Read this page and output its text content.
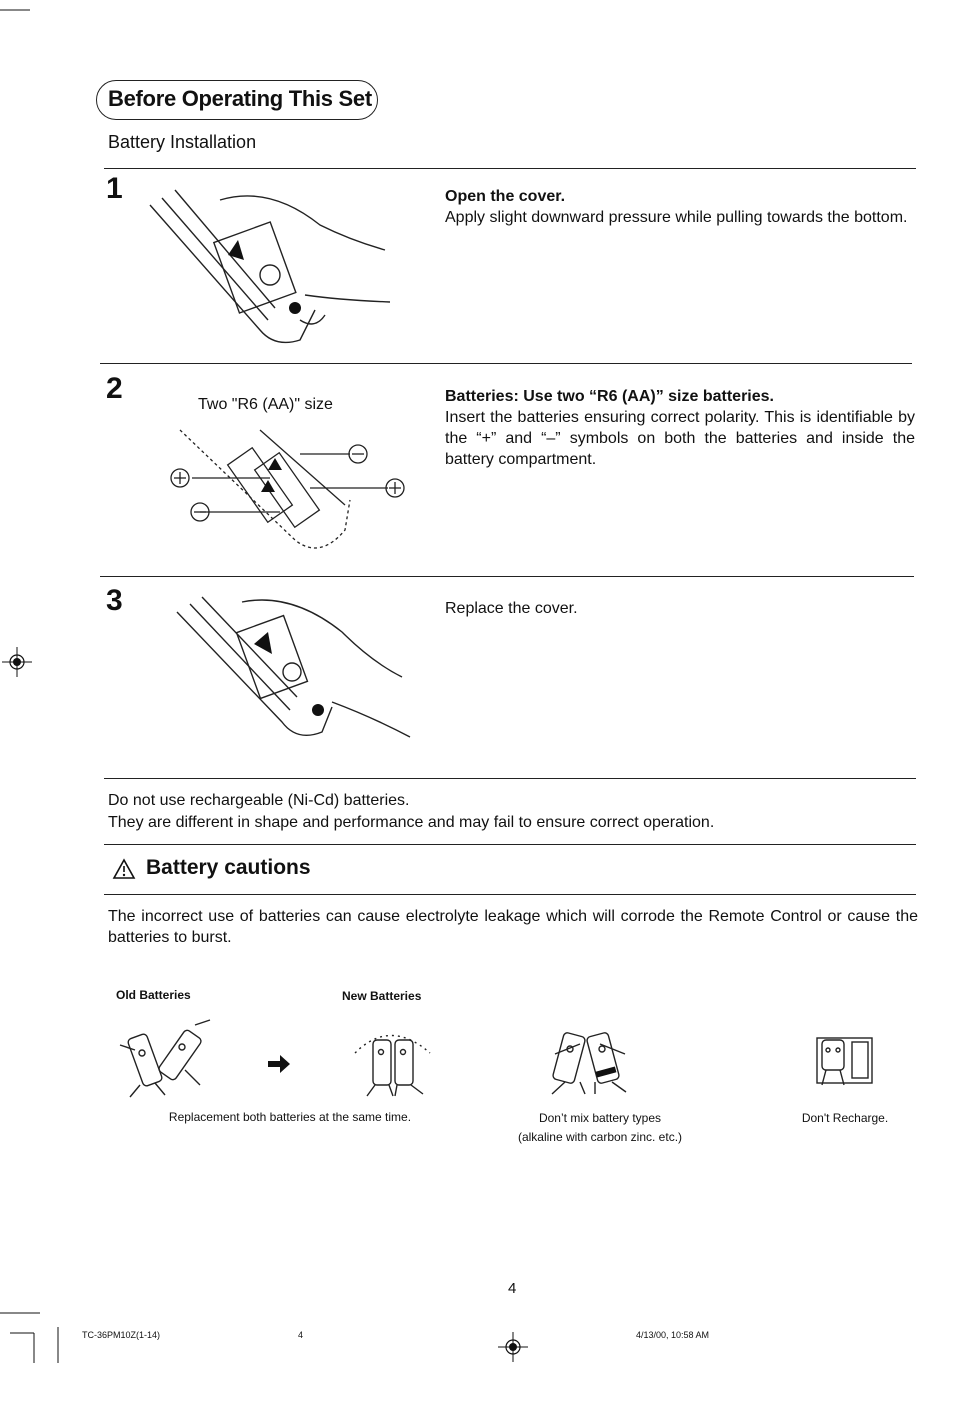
Before Operating This Set
Battery Installation
1	Open the cover.
Apply slight downward pressure while pulling towards the bottom.
2	Two "R6 (AA)" size	Batteries: Use two “R6 (AA)” size batteries.
Insert the batteries ensuring correct polarity. This is identifiable by the “+” and “–” symbols on both the batteries and inside the battery compartment.
3	Replace the cover.
Do not use rechargeable (Ni-Cd) batteries.
They are different in shape and performance and may fail to ensure correct operation.
Battery cautions
The incorrect use of batteries can cause electrolyte leakage which will corrode the Remote Control or cause the batteries to burst.
Old Batteries	New Batteries
Replacement both batteries at the same time.	Don’t mix battery types
(alkaline with carbon zinc. etc.)
Don't Recharge.
4
TC-36PM10Z(1-14)	4	4/13/00, 10:58 AM
